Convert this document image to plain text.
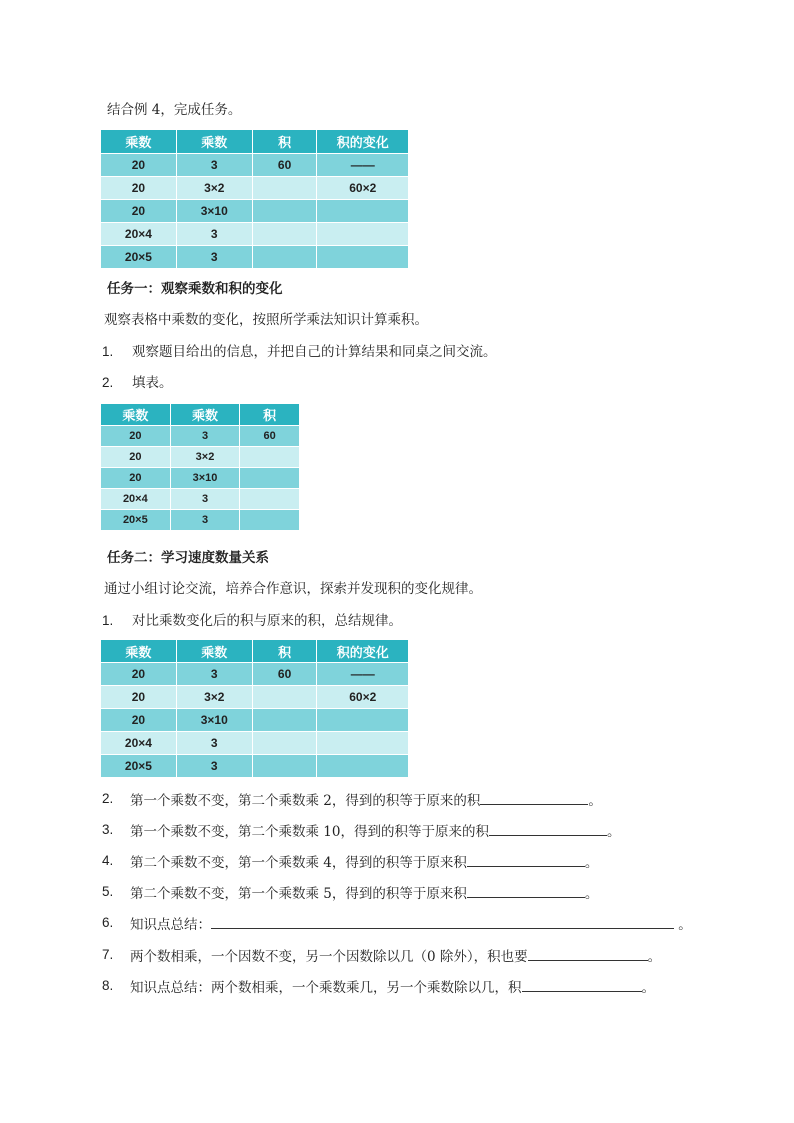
结合例 4，完成任务。
乘数	乘数	积	积的变化
20	3	60	——
20	3×2		60×2
20	3×10		
20×4	3		
20×5	3		
任务一：观察乘数和积的变化
观察表格中乘数的变化，按照所学乘法知识计算乘积。
1. 观察题目给出的信息，并把自己的计算结果和同桌之间交流。
2. 填表。
乘数	乘数	积
20	3	60
20	3×2	
20	3×10	
20×4	3	
20×5	3	
任务二：学习速度数量关系
通过小组讨论交流，培养合作意识，探索并发现积的变化规律。
1. 对比乘数变化后的积与原来的积，总结规律。
乘数	乘数	积	积的变化
20	3	60	——
20	3×2		60×2
20	3×10		
20×4	3		
20×5	3		
2. 第一个乘数不变，第二个乘数乘 2，得到的积等于原来的积	。
3. 第一个乘数不变，第二个乘数乘 10，得到的积等于原来的积	。
4. 第二个乘数不变，第一个乘数乘 4，得到的积等于原来积	。
5. 第二个乘数不变，第一个乘数乘 5，得到的积等于原来积	。
6. 知识点总结：	。
7. 两个数相乘，一个因数不变，另一个因数除以几（0 除外），积也要	。
8. 知识点总结：两个数相乘，一个乘数乘几，另一个乘数除以几，积	。
